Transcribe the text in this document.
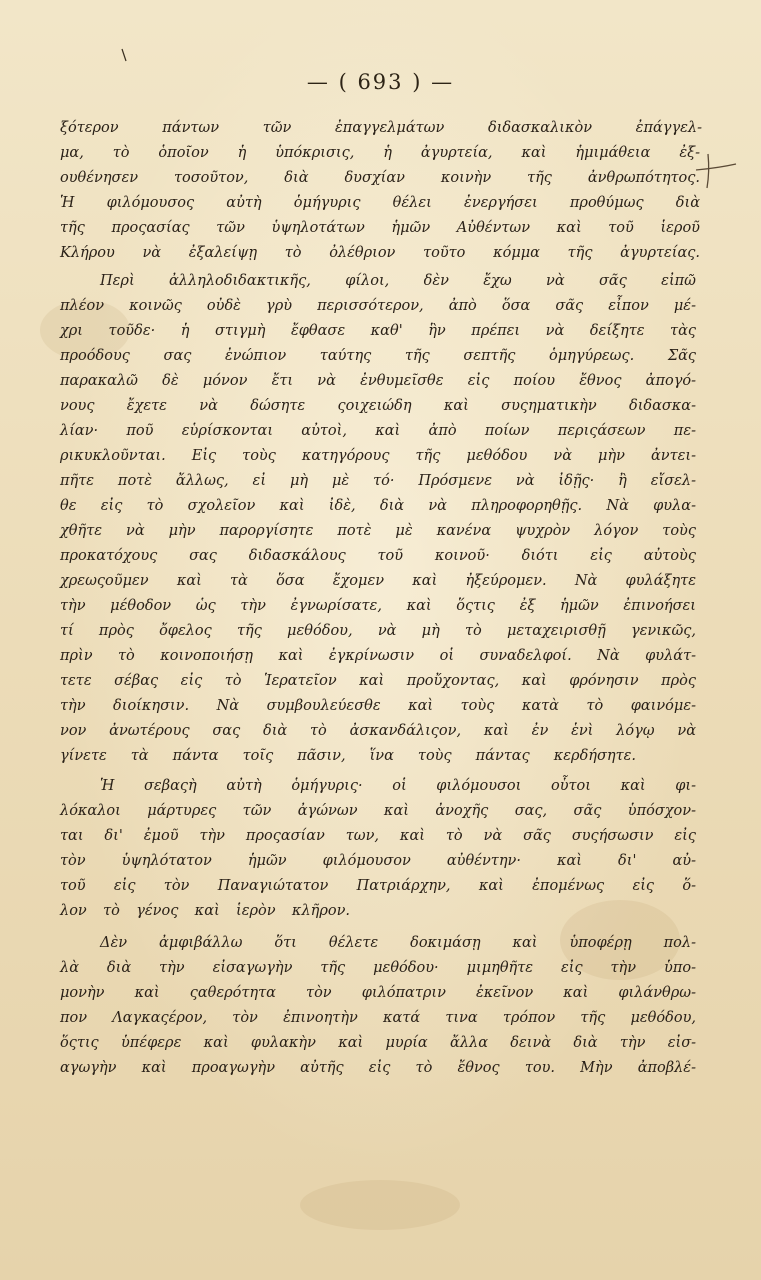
— ( 693 ) —
ξότερον πάντων τῶν ἐπαγγελμάτων διδασκαλικὸν ἐπάγγελ-
μα, τὸ ὁποῖον ἡ ὑπόκρισις, ἡ ἀγυρτεία, καὶ ἡμιμάθεια ἐξ-
ουθένησεν τοσοῦτον, διὰ δυσχίαν κοινὴν τῆς ἀνθρωπότητος.
Ἡ φιλόμουσος αὐτὴ ὁμήγυρις θέλει ἐνεργήσει προθύμως διὰ
τῆς προςασίας τῶν ὑψηλοτάτων ἡμῶν Αὐθέντων καὶ τοῦ ἱεροῦ
Κλήρου νὰ ἐξαλείψῃ τὸ ὀλέθριον τοῦτο κόμμα τῆς ἀγυρτείας.
Περὶ ἀλληλοδιδακτικῆς, φίλοι, δὲν ἔχω νὰ σᾶς εἰπῶ
πλέον κοινῶς οὐδὲ γρὺ περισσότερον, ἀπὸ ὅσα σᾶς εἶπον μέ-
χρι τοῦδε· ἡ στιγμὴ ἔφθασε καθ' ἣν πρέπει νὰ δείξητε τὰς
προόδους σας ἐνώπιον ταύτης τῆς σεπτῆς ὁμηγύρεως. Σᾶς
παρακαλῶ δὲ μόνον ἔτι νὰ ἐνθυμεῖσθε εἰς ποίου ἔθνος ἀπογό-
νους ἔχετε νὰ δώσητε ςοιχειώδη καὶ συςηματικὴν διδασκα-
λίαν· ποῦ εὑρίσκονται αὐτοὶ, καὶ ἀπὸ ποίων περιςάσεων πε-
ρικυκλοῦνται. Εἰς τοὺς κατηγόρους τῆς μεθόδου νὰ μὴν ἀντει-
πῆτε ποτὲ ἄλλως, εἰ μὴ μὲ τό· Πρόσμενε νὰ ἰδῇς· ἢ εἴσελ-
θε εἰς τὸ σχολεῖον καὶ ἰδὲ, διὰ νὰ πληροφορηθῇς. Νὰ φυλα-
χθῆτε νὰ μὴν παροργίσητε ποτὲ μὲ κανένα ψυχρὸν λόγον τοὺς
προκατόχους σας διδασκάλους τοῦ κοινοῦ· διότι εἰς αὐτοὺς
χρεωςοῦμεν καὶ τὰ ὅσα ἔχομεν καὶ ἠξεύρομεν. Νὰ φυλάξητε
τὴν μέθοδον ὡς τὴν ἐγνωρίσατε, καὶ ὅςτις ἐξ ἡμῶν ἐπινοήσει
τί πρὸς ὄφελος τῆς μεθόδου, νὰ μὴ τὸ μεταχειρισθῇ γενικῶς,
πρὶν τὸ κοινοποιήσῃ καὶ ἐγκρίνωσιν οἱ συναδελφοί. Νὰ φυλάτ-
τετε σέβας εἰς τὸ Ἱερατεῖον καὶ προὔχοντας, καὶ φρόνησιν πρὸς
τὴν διοίκησιν. Νὰ συμβουλεύεσθε καὶ τοὺς κατὰ τὸ φαινόμε-
νον ἀνωτέρους σας διὰ τὸ ἀσκανδάλιςον, καὶ ἐν ἑνὶ λόγῳ νὰ
γίνετε τὰ πάντα τοῖς πᾶσιν, ἵνα τοὺς πάντας κερδήσητε.
Ἡ σεβαςὴ αὐτὴ ὁμήγυρις· οἱ φιλόμουσοι οὗτοι καὶ φι-
λόκαλοι μάρτυρες τῶν ἀγώνων καὶ ἀνοχῆς σας, σᾶς ὑπόσχον-
ται δι' ἐμοῦ τὴν προςασίαν των, καὶ τὸ νὰ σᾶς συςήσωσιν εἰς
τὸν ὑψηλότατον ἡμῶν φιλόμουσον αὐθέντην· καὶ δι' αὐ-
τοῦ εἰς τὸν Παναγιώτατον Πατριάρχην, καὶ ἐπομένως εἰς ὅ-
λον τὸ γένος καὶ ἱερὸν κλῆρον.
Δὲν ἀμφιβάλλω ὅτι θέλετε δοκιμάσῃ καὶ ὑποφέρῃ πολ-
λὰ διὰ τὴν εἰσαγωγὴν τῆς μεθόδου· μιμηθῆτε εἰς τὴν ὑπο-
μονὴν καὶ ςαθερότητα τὸν φιλόπατριν ἐκεῖνον καὶ φιλάνθρω-
πον Λαγκαςέρον, τὸν ἐπινοητὴν κατά τινα τρόπον τῆς μεθόδου,
ὅςτις ὑπέφερε καὶ φυλακὴν καὶ μυρία ἄλλα δεινὰ διὰ τὴν εἰσ-
αγωγὴν καὶ προαγωγὴν αὐτῆς εἰς τὸ ἔθνος του. Μὴν ἀποβλέ-
